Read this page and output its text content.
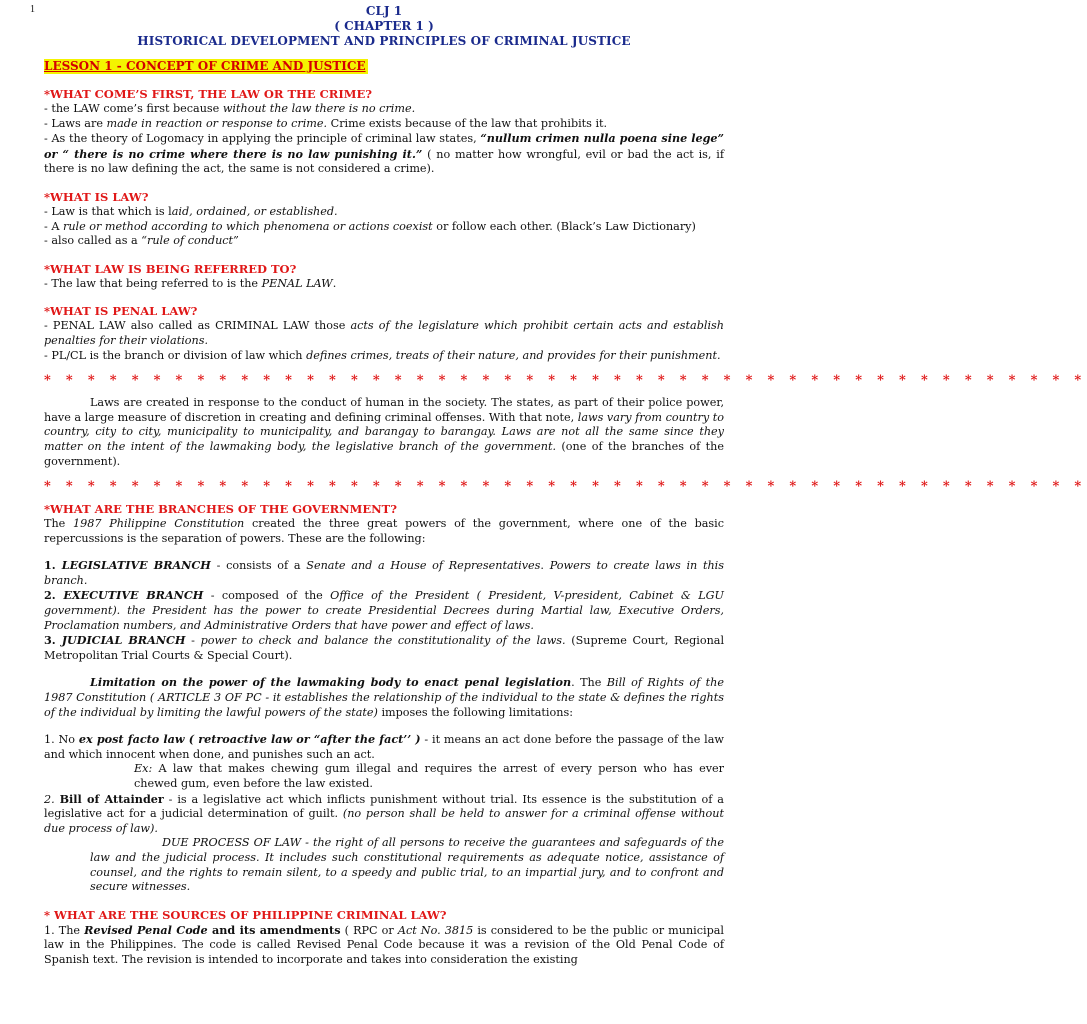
1	CLJ 1
( CHAPTER 1 )
HISTORICAL DEVELOPMENT AND PRINCIPLES OF CRIMINAL JUSTICE
LESSON 1 - CONCEPT OF CRIME AND JUSTICE
*WHAT COME’S FIRST, THE LAW OR THE CRIME?
- the LAW come’s first because without the law there is no crime.
- Laws are made in reaction or response to crime. Crime exists because of the law that prohibits it.
- As the theory of Logomacy in applying the principle of criminal law states, “nullum crimen nulla poena sine lege” or “ there is no crime where there is no law punishing it.” ( no matter how wrongful, evil or bad the act is, if there is no law defining the act, the same is not considered a crime).
*WHAT IS LAW?
- Law is that which is laid, ordained, or established.
- A rule or method according to which phenomena or actions coexist or follow each other. (Black’s Law Dictionary)
- also called as a “rule of conduct”
*WHAT LAW IS BEING REFERRED TO?
- The law that being referred to is the PENAL LAW.
*WHAT IS PENAL LAW?
- PENAL LAW also called as CRIMINAL LAW those acts of the legislature which prohibit certain acts and establish penalties for their violations.
- PL/CL is the branch or division of law which defines crimes, treats of their nature, and provides for their punishment.
* * * * * * * * * * * * * * * * * * * * * * * * * * * * * * * * * * * * * * * * * * * * * * * *
Laws are created in response to the conduct of human in the society. The states, as part of their police power, have a large measure of discretion in creating and defining criminal offenses. With that note, laws vary from country to country, city to city, municipality to municipality, and barangay to barangay. Laws are not all the same since they matter on the intent of the lawmaking body, the legislative branch of the government. (one of the branches of the government).
* * * * * * * * * * * * * * * * * * * * * * * * * * * * * * * * * * * * * * * * * * * * * * * *
*WHAT ARE THE BRANCHES OF THE GOVERNMENT?
The 1987 Philippine Constitution created the three great powers of the government, where one of the basic repercussions is the separation of powers. These are the following:
1. LEGISLATIVE BRANCH - consists of a Senate and a House of Representatives. Powers to create laws in this branch.
2. EXECUTIVE BRANCH - composed of the Office of the President ( President, V-president, Cabinet & LGU government). the President has the power to create Presidential Decrees during Martial law, Executive Orders, Proclamation numbers, and Administrative Orders that have power and effect of laws.
3. JUDICIAL BRANCH - power to check and balance the constitutionality of the laws. (Supreme Court, Regional Metropolitan Trial Courts & Special Court).
Limitation on the power of the lawmaking body to enact penal legislation. The Bill of Rights of the 1987 Constitution ( ARTICLE 3 OF PC - it establishes the relationship of the individual to the state & defines the rights of the individual by limiting the lawful powers of the state) imposes the following limitations:
1. No ex post facto law ( retroactive law or “after the fact’’ ) - it means an act done before the passage of the law and which innocent when done, and punishes such an act.
Ex: A law that makes chewing gum illegal and requires the arrest of every person who has ever chewed gum, even before the law existed.
2. Bill of Attainder - is a legislative act which inflicts punishment without trial. Its essence is the substitution of a legislative act for a judicial determination of guilt. (no person shall be held to answer for a criminal offense without due process of law).
DUE PROCESS OF LAW - the right of all persons to receive the guarantees and safeguards of the law and the judicial process. It includes such constitutional requirements as adequate notice, assistance of counsel, and the rights to remain silent, to a speedy and public trial, to an impartial jury, and to confront and secure witnesses.
* WHAT ARE THE SOURCES OF PHILIPPINE CRIMINAL LAW?
1. The Revised Penal Code and its amendments ( RPC or Act No. 3815 is considered to be the public or municipal law in the Philippines. The code is called Revised Penal Code because it was a revision of the Old Penal Code of Spanish text. The revision is intended to incorporate and takes into consideration the existing
